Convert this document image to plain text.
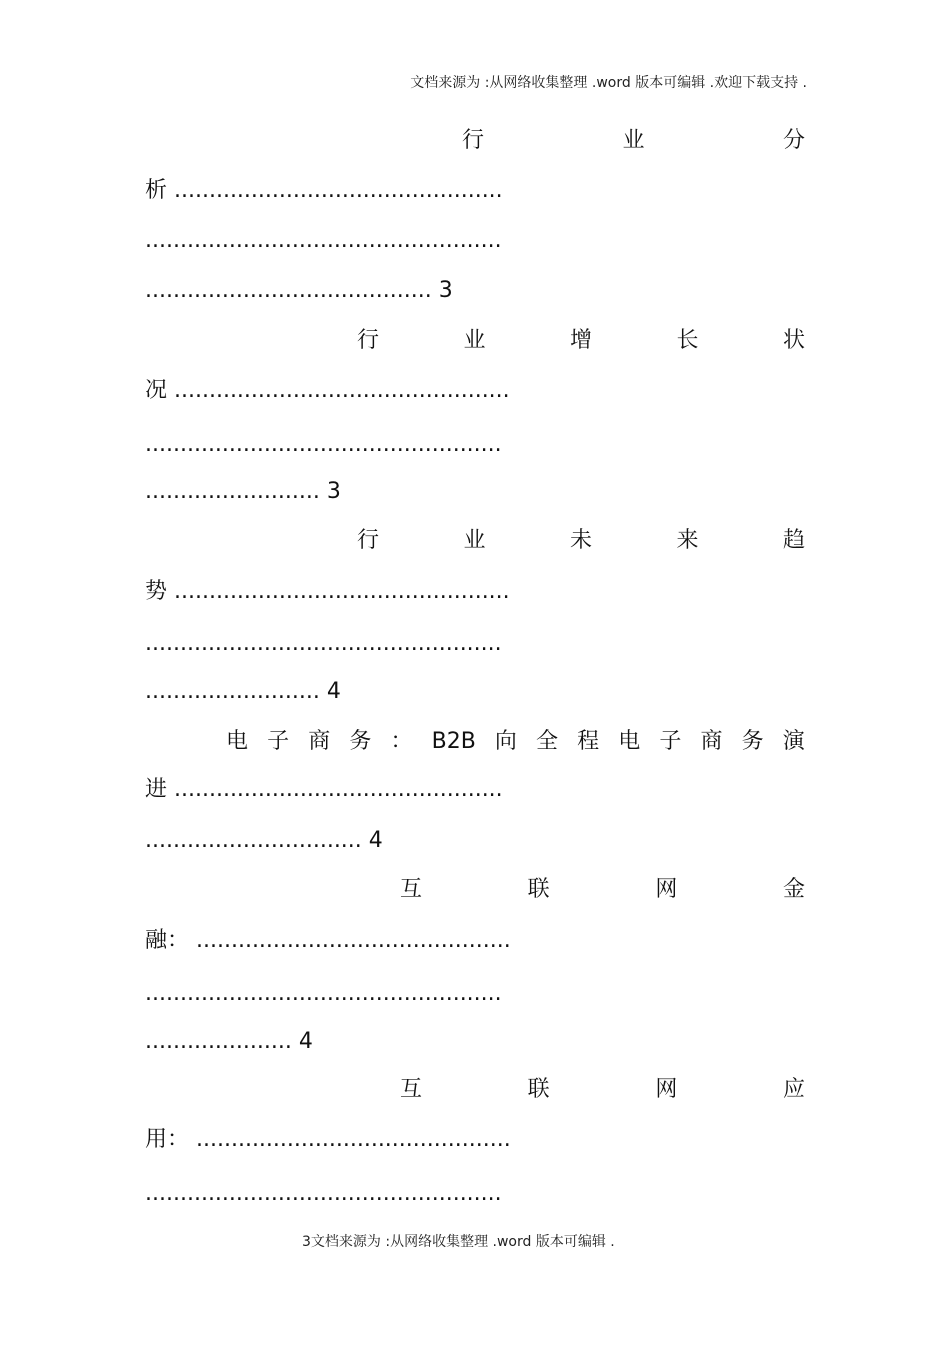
文档来源为 :从网络收集整理 .word 版本可编辑 .欢迎下载支持 .
行	业	分
析 ...............................................
...................................................
......................................... 3
行	业	增	长	状
况 ................................................
...................................................
......................... 3
行	业	未	来	趋
势 ................................................
...................................................
......................... 4
电 子 商 务 ： B2B 向 全 程 电 子 商 务 演
进 ...............................................
............................... 4
互	联	网	金
融： .............................................
...................................................
..................... 4
互	联	网	应
用： .............................................
...................................................
3文档来源为 :从网络收集整理 .word 版本可编辑 .
